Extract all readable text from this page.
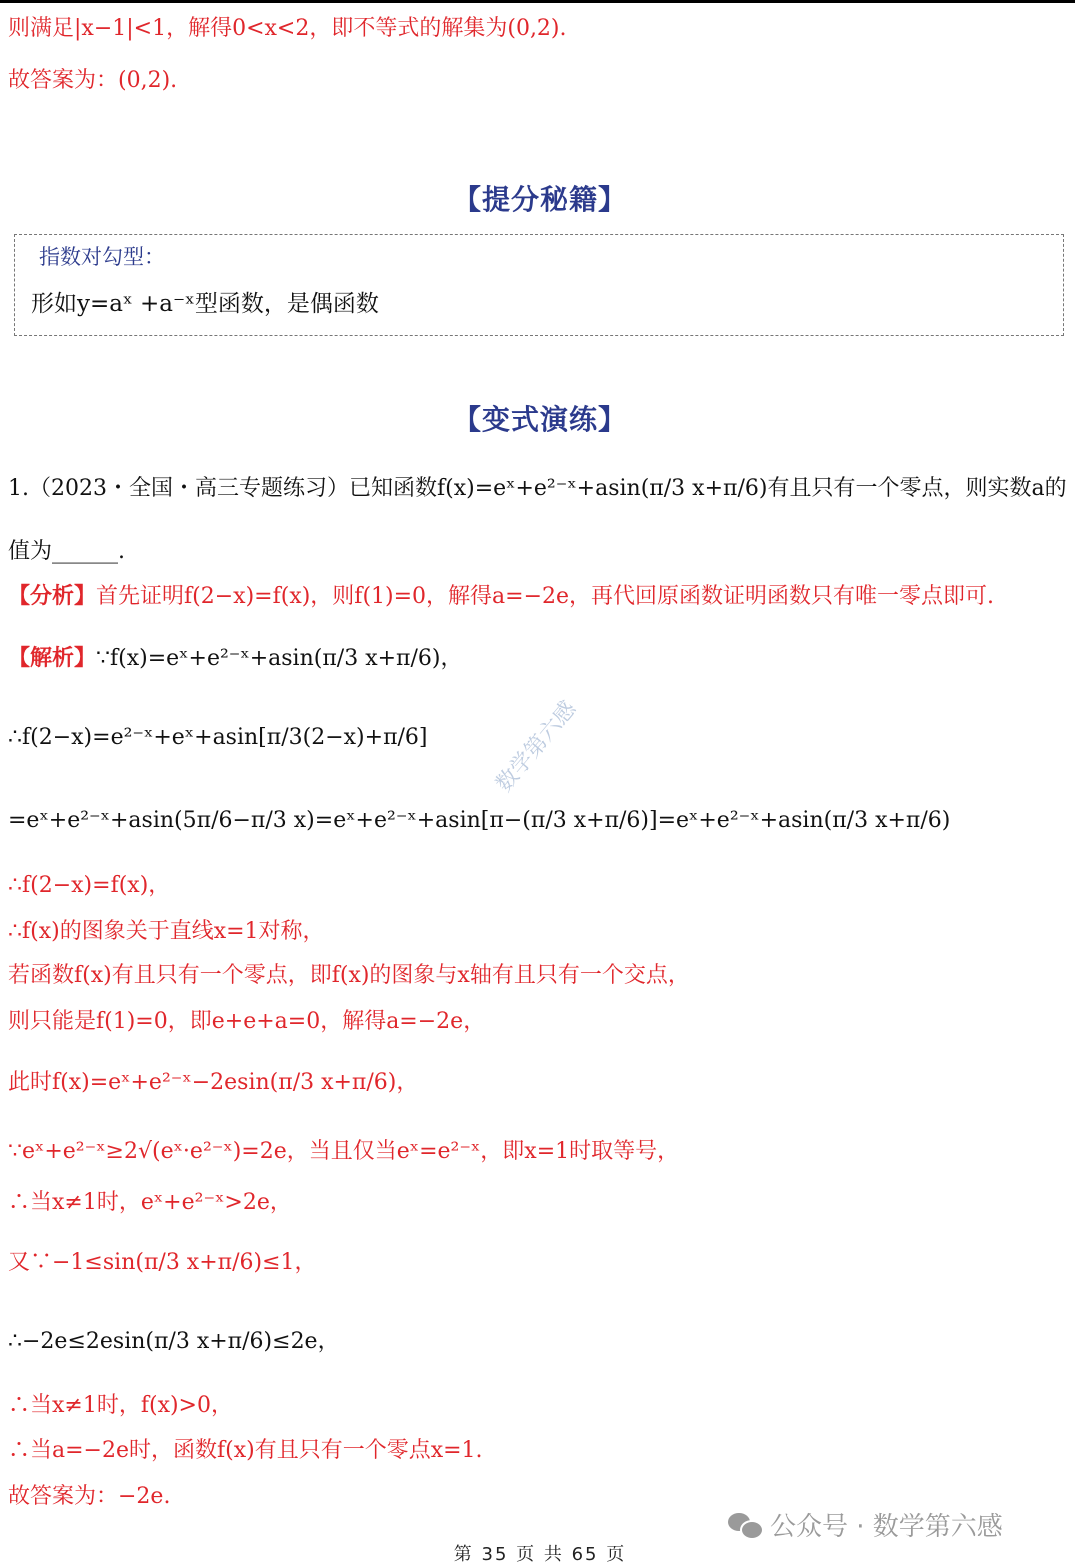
则满足|x−1|<1，解得0<x<2，即不等式的解集为(0,2).
故答案为：(0,2).
【提分秘籍】
指数对勾型：
形如y=aˣ +a⁻ˣ型函数，是偶函数
【变式演练】
1.（2023・全国・高三专题练习）已知函数f(x)=eˣ+e²⁻ˣ+asin(π/3 x+π/6)有且只有一个零点，则实数a的
值为______.
【分析】首先证明f(2−x)=f(x)，则f(1)=0，解得a=−2e，再代回原函数证明函数只有唯一零点即可.
【解析】∵f(x)=eˣ+e²⁻ˣ+asin(π/3 x+π/6)，
∴f(2−x)=e²⁻ˣ+eˣ+asin[π/3(2−x)+π/6]
=eˣ+e²⁻ˣ+asin(5π/6−π/3 x)=eˣ+e²⁻ˣ+asin[π−(π/3 x+π/6)]=eˣ+e²⁻ˣ+asin(π/3 x+π/6)
∴f(2−x)=f(x)，
∴f(x)的图象关于直线x=1对称，
若函数f(x)有且只有一个零点，即f(x)的图象与x轴有且只有一个交点，
则只能是f(1)=0，即e+e+a=0，解得a=−2e，
此时f(x)=eˣ+e²⁻ˣ−2esin(π/3 x+π/6)，
∵eˣ+e²⁻ˣ≥2√(eˣ·e²⁻ˣ)=2e，当且仅当eˣ=e²⁻ˣ，即x=1时取等号，
∴当x≠1时，eˣ+e²⁻ˣ>2e，
又∵−1≤sin(π/3 x+π/6)≤1，
∴−2e≤2esin(π/3 x+π/6)≤2e，
∴当x≠1时，f(x)>0，
∴当a=−2e时，函数f(x)有且只有一个零点x=1.
故答案为：−2e.
数学第六感
公众号 · 数学第六感
第 35 页 共 65 页
